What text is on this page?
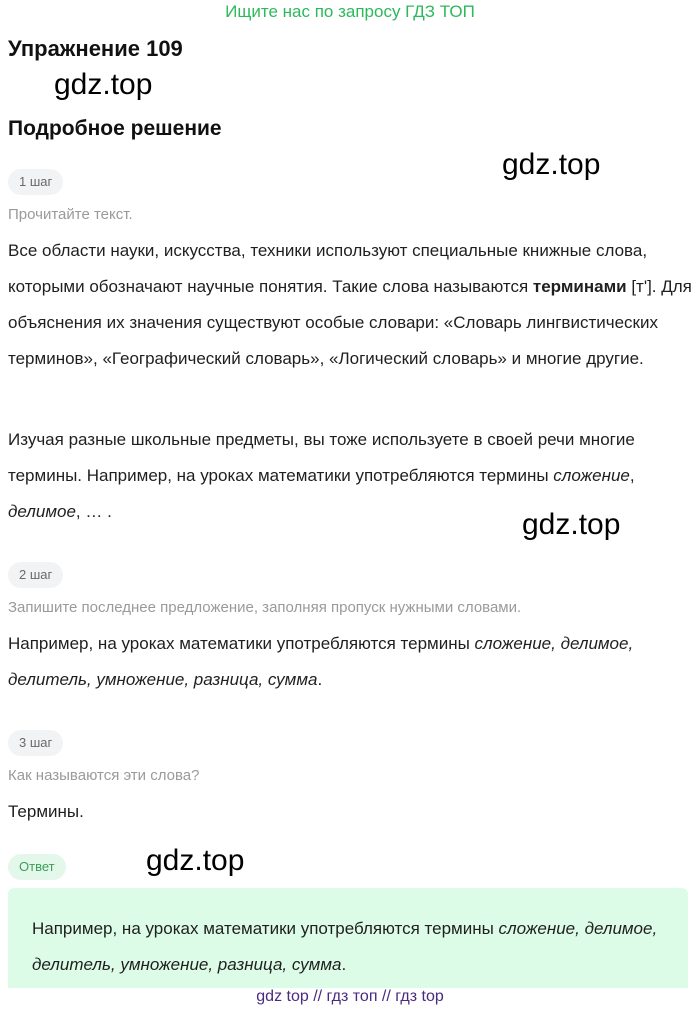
Ищите нас по запросу ГДЗ ТОП
Упражнение 109
gdz.top
Подробное решение
gdz.top
1 шаг
Прочитайте текст.
Все области науки, искусства, техники используют специальные книжные слова, которыми обозначают научные понятия. Такие слова называются терминами [т']. Для объяснения их значения существуют особые словари: «Словарь лингвистических терминов», «Географический словарь», «Логический словарь» и многие другие.
Изучая разные школьные предметы, вы тоже используете в своей речи многие термины. Например, на уроках математики употребляются термины сложение, делимое, … .	gdz.top
2 шаг
Запишите последнее предложение, заполняя пропуск нужными словами.
Например, на уроках математики употребляются термины сложение, делимое, делитель, умножение, разница, сумма.
3 шаг
Как называются эти слова?
Термины.
Ответ	gdz.top
Например, на уроках математики употребляются термины сложение, делимое, делитель, умножение, разница, сумма.
gdz top // гдз топ // гдз top
